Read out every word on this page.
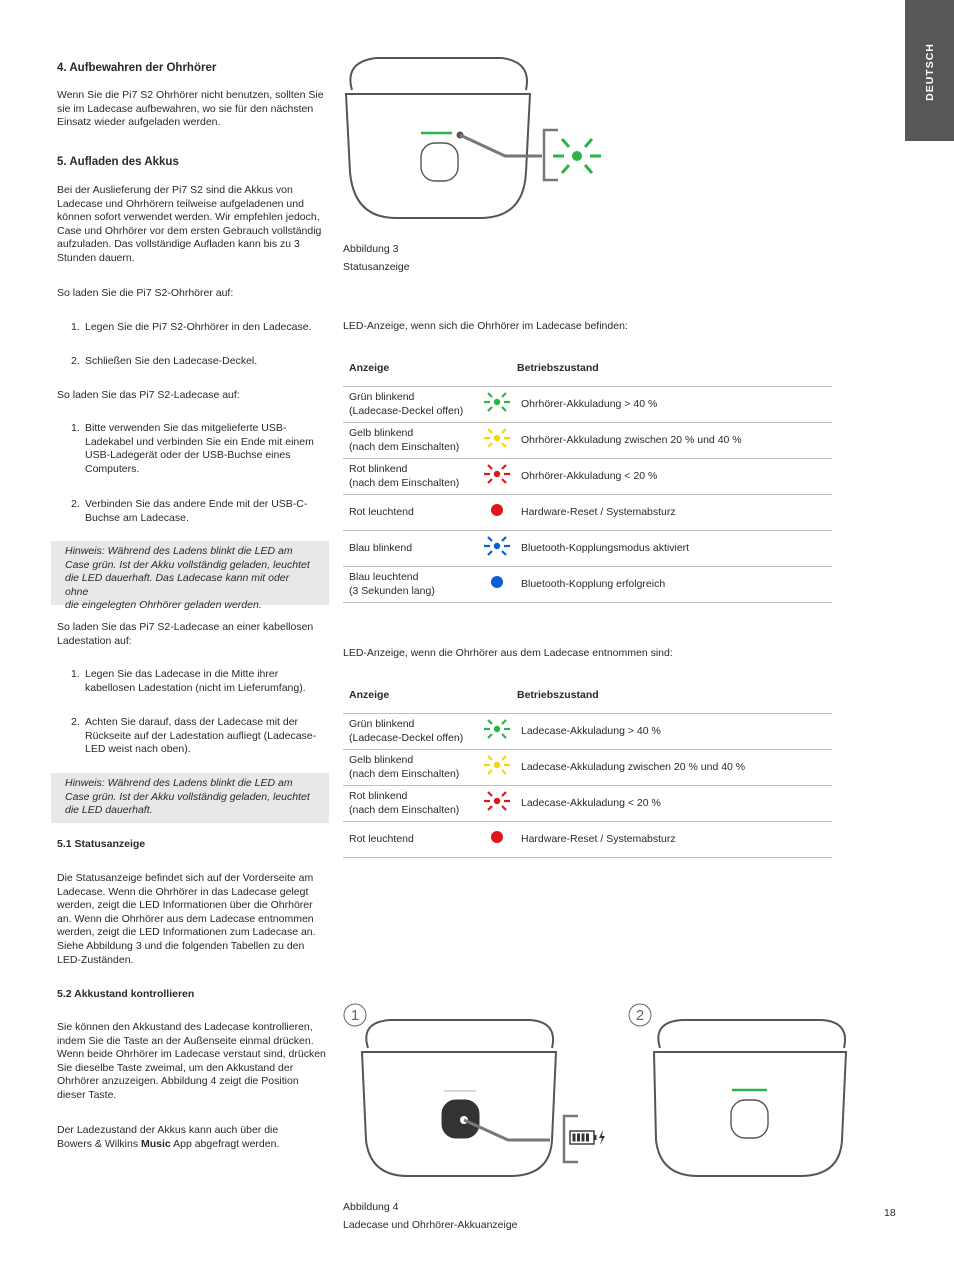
DEUTSCH
4. Aufbewahren der Ohrhörer
Wenn Sie die Pi7 S2 Ohrhörer nicht benutzen, sollten Sie
sie im Ladecase aufbewahren, wo sie für den nächsten
Einsatz wieder aufgeladen werden.
5. Aufladen des Akkus
Bei der Auslieferung der Pi7 S2 sind die Akkus von
Ladecase und Ohrhörern teilweise aufgeladenen und
können sofort verwendet werden. Wir empfehlen jedoch,
Case und Ohrhörer vor dem ersten Gebrauch vollständig
aufzuladen. Das vollständige Aufladen kann bis zu 3
Stunden dauern.
So laden Sie die Pi7 S2-Ohrhörer auf:
1. Legen Sie die Pi7 S2-Ohrhörer in den Ladecase.
2. Schließen Sie den Ladecase-Deckel.
So laden Sie das Pi7 S2-Ladecase auf:
1. Bitte verwenden Sie das mitgelieferte USB-
Ladekabel und verbinden Sie ein Ende mit einem
USB-Ladegerät oder der USB-Buchse eines
Computers.
2. Verbinden Sie das andere Ende mit der USB-C-
Buchse am Ladecase.
Hinweis: Während des Ladens blinkt die LED am
Case grün. Ist der Akku vollständig geladen, leuchtet
die LED dauerhaft. Das Ladecase kann mit oder ohne
die eingelegten Ohrhörer geladen werden.
So laden Sie das Pi7 S2-Ladecase an einer kabellosen
Ladestation auf:
1. Legen Sie das Ladecase in die Mitte ihrer
kabellosen Ladestation (nicht im Lieferumfang).
2. Achten Sie darauf, dass der Ladecase mit der
Rückseite auf der Ladestation aufliegt (Ladecase-
LED weist nach oben).
Hinweis: Während des Ladens blinkt die LED am
Case grün. Ist der Akku vollständig geladen, leuchtet
die LED dauerhaft.
5.1 Statusanzeige
Die Statusanzeige befindet sich auf der Vorderseite am
Ladecase. Wenn die Ohrhörer in das Ladecase gelegt
werden, zeigt die LED Informationen über die Ohrhörer
an. Wenn die Ohrhörer aus dem Ladecase entnommen
werden, zeigt die LED Informationen zum Ladecase an.
Siehe Abbildung 3 und die folgenden Tabellen zu den
LED-Zuständen.
5.2 Akkustand kontrollieren
Sie können den Akkustand des Ladecase kontrollieren,
indem Sie die Taste an der Außenseite einmal drücken.
Wenn beide Ohrhörer im Ladecase verstaut sind, drücken
Sie dieselbe Taste zweimal, um den Akkustand der
Ohrhörer anzuzeigen. Abbildung 4 zeigt die Position
dieser Taste.
Der Ladezustand der Akkus kann auch über die
Bowers & Wilkins Music App abgefragt werden.
Abbildung 3
Statusanzeige
LED-Anzeige, wenn sich die Ohrhörer im Ladecase befinden:
Anzeige		Betriebszustand

Grün blinkend
(Ladecase-Deckel offen)		Ohrhörer-Akkuladung > 40 %

Gelb blinkend
(nach dem Einschalten)		Ohrhörer-Akkuladung zwischen 20 % und 40 %

Rot blinkend
(nach dem Einschalten)		Ohrhörer-Akkuladung < 20 %

Rot leuchtend		Hardware-Reset / Systemabsturz

Blau blinkend		Bluetooth-Kopplungsmodus aktiviert

Blau leuchtend
(3 Sekunden lang)		Bluetooth-Kopplung erfolgreich
LED-Anzeige, wenn die Ohrhörer aus dem Ladecase entnommen sind:
Anzeige		Betriebszustand

Grün blinkend
(Ladecase-Deckel offen)		Ladecase-Akkuladung > 40 %

Gelb blinkend
(nach dem Einschalten)		Ladecase-Akkuladung zwischen 20 % und 40 %

Rot blinkend
(nach dem Einschalten)		Ladecase-Akkuladung < 20 %

Rot leuchtend		Hardware-Reset / Systemabsturz
1	2
Abbildung 4
Ladecase und Ohrhörer-Akkuanzeige
18
